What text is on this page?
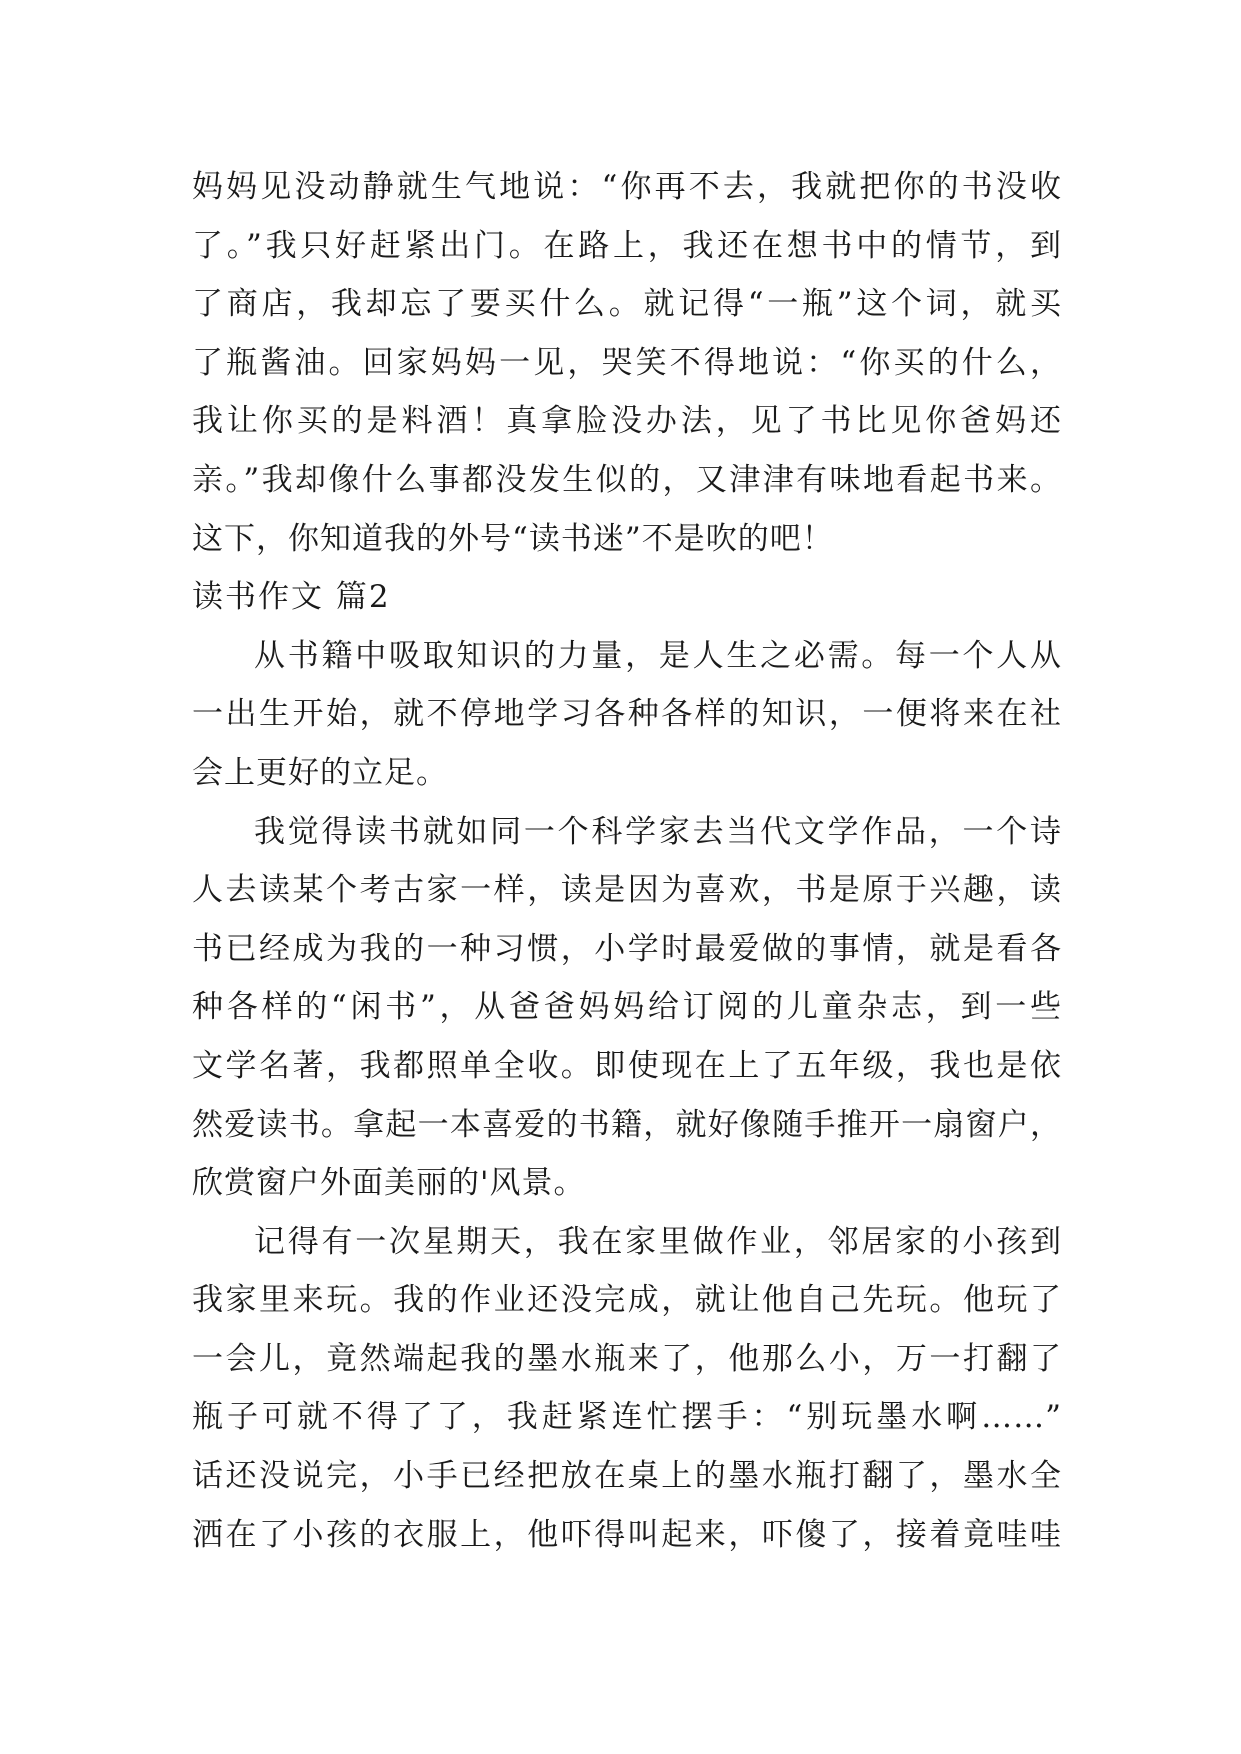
妈妈见没动静就生气地说：“你再不去，我就把你的书没收
了。”我只好赶紧出门。在路上，我还在想书中的情节，到
了商店，我却忘了要买什么。就记得“一瓶”这个词，就买
了瓶酱油。回家妈妈一见，哭笑不得地说：“你买的什么，
我让你买的是料酒！真拿脸没办法，见了书比见你爸妈还
亲。”我却像什么事都没发生似的，又津津有味地看起书来。
这下，你知道我的外号“读书迷”不是吹的吧！
读书作文 篇2
从书籍中吸取知识的力量，是人生之必需。每一个人从
一出生开始，就不停地学习各种各样的知识，一便将来在社
会上更好的立足。
我觉得读书就如同一个科学家去当代文学作品，一个诗
人去读某个考古家一样，读是因为喜欢，书是原于兴趣，读
书已经成为我的一种习惯，小学时最爱做的事情，就是看各
种各样的“闲书”，从爸爸妈妈给订阅的儿童杂志，到一些
文学名著，我都照单全收。即使现在上了五年级，我也是依
然爱读书。拿起一本喜爱的书籍，就好像随手推开一扇窗户，
欣赏窗户外面美丽的'风景。
记得有一次星期天，我在家里做作业，邻居家的小孩到
我家里来玩。我的作业还没完成，就让他自己先玩。他玩了
一会儿，竟然端起我的墨水瓶来了，他那么小，万一打翻了
瓶子可就不得了了，我赶紧连忙摆手：“别玩墨水啊……”
话还没说完，小手已经把放在桌上的墨水瓶打翻了，墨水全
洒在了小孩的衣服上，他吓得叫起来，吓傻了，接着竟哇哇
